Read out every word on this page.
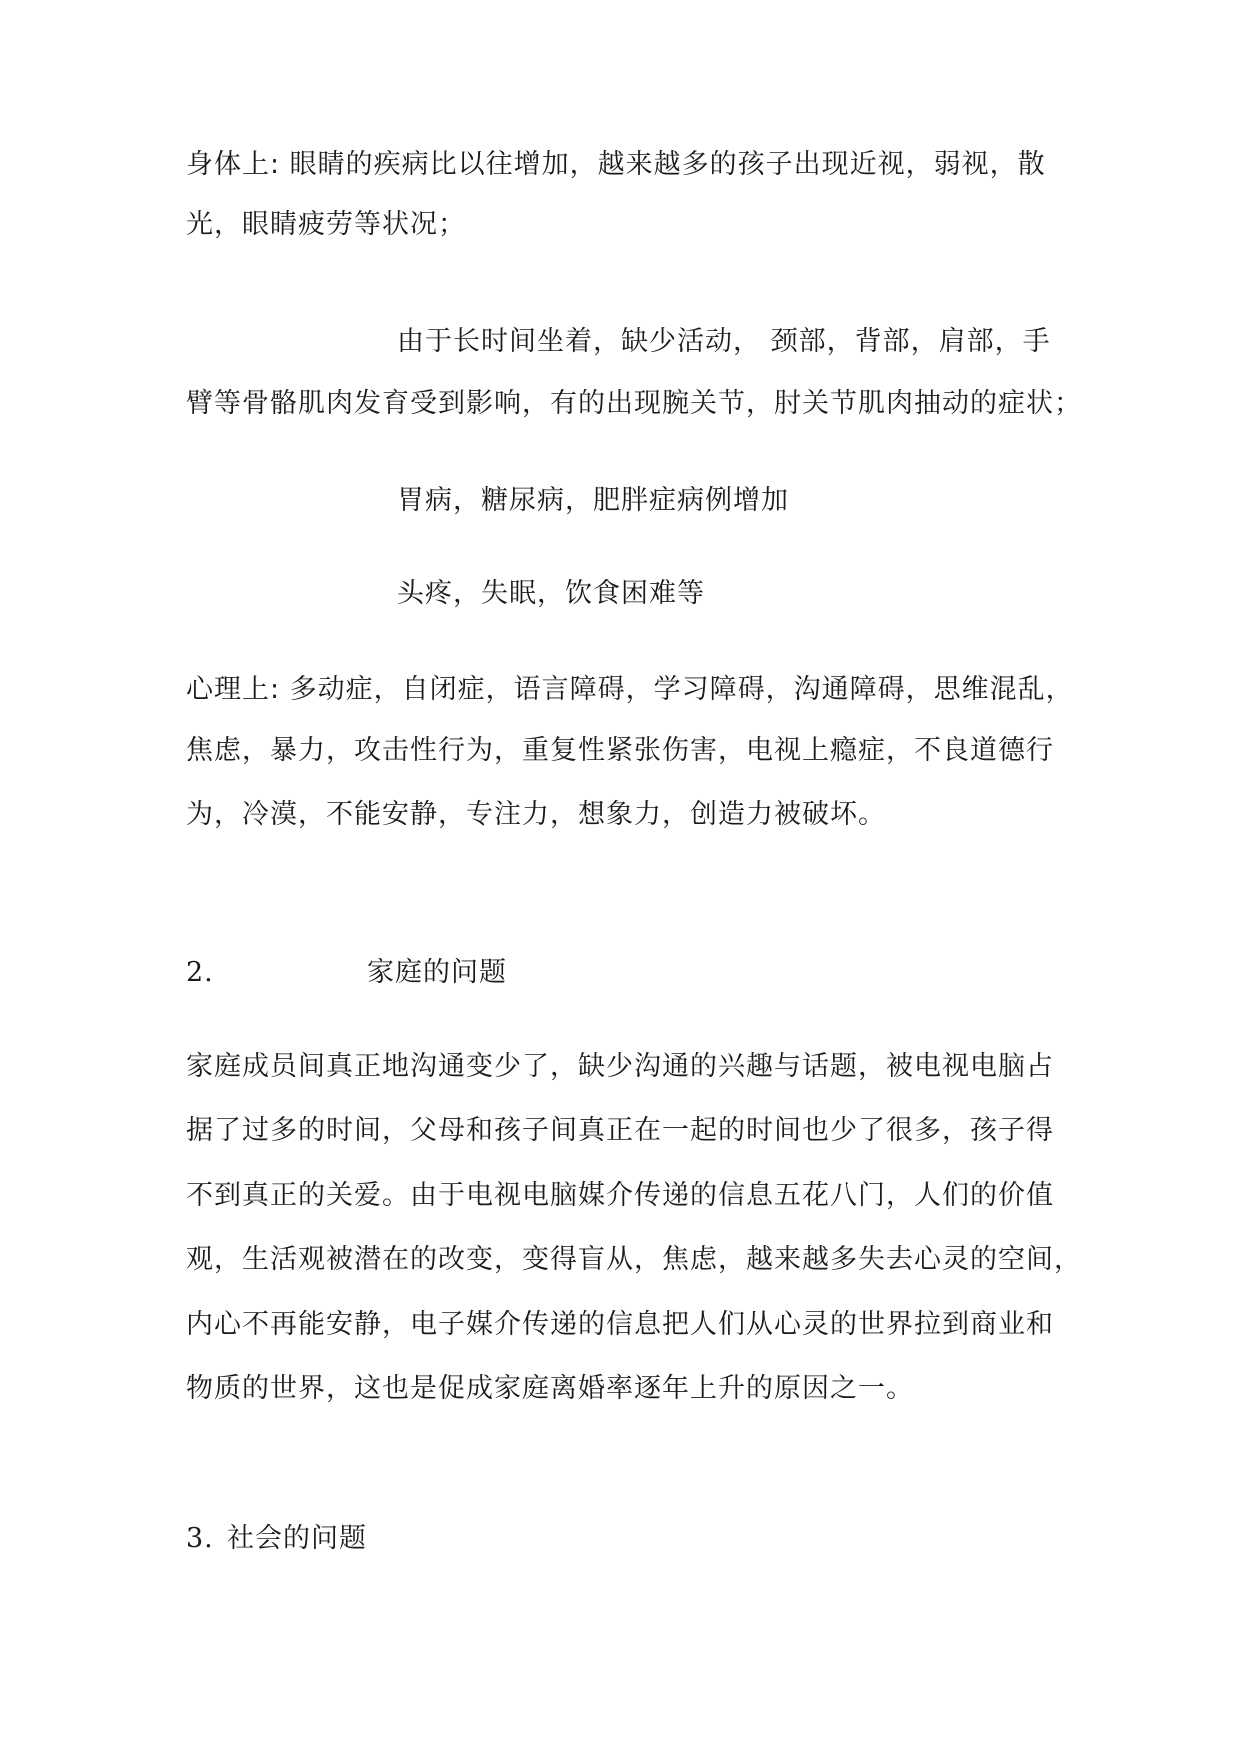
身体上: 眼睛的疾病比以往增加，越来越多的孩子出现近视，弱视，散
光，眼睛疲劳等状况；
由于长时间坐着，缺少活动， 颈部，背部，肩部，手
臂等骨骼肌肉发育受到影响，有的出现腕关节，肘关节肌肉抽动的症状；
胃病，糖尿病，肥胖症病例增加
头疼，失眠，饮食困难等
心理上: 多动症，自闭症，语言障碍，学习障碍，沟通障碍，思维混乱，
焦虑，暴力，攻击性行为，重复性紧张伤害，电视上瘾症，不良道德行
为，冷漠，不能安静，专注力，想象力，创造力被破坏。
2.	家庭的问题
家庭成员间真正地沟通变少了，缺少沟通的兴趣与话题，被电视电脑占
据了过多的时间，父母和孩子间真正在一起的时间也少了很多，孩子得
不到真正的关爱。由于电视电脑媒介传递的信息五花八门，人们的价值
观，生活观被潜在的改变，变得盲从，焦虑，越来越多失去心灵的空间，
内心不再能安静，电子媒介传递的信息把人们从心灵的世界拉到商业和
物质的世界，这也是促成家庭离婚率逐年上升的原因之一。
3. 社会的问题
